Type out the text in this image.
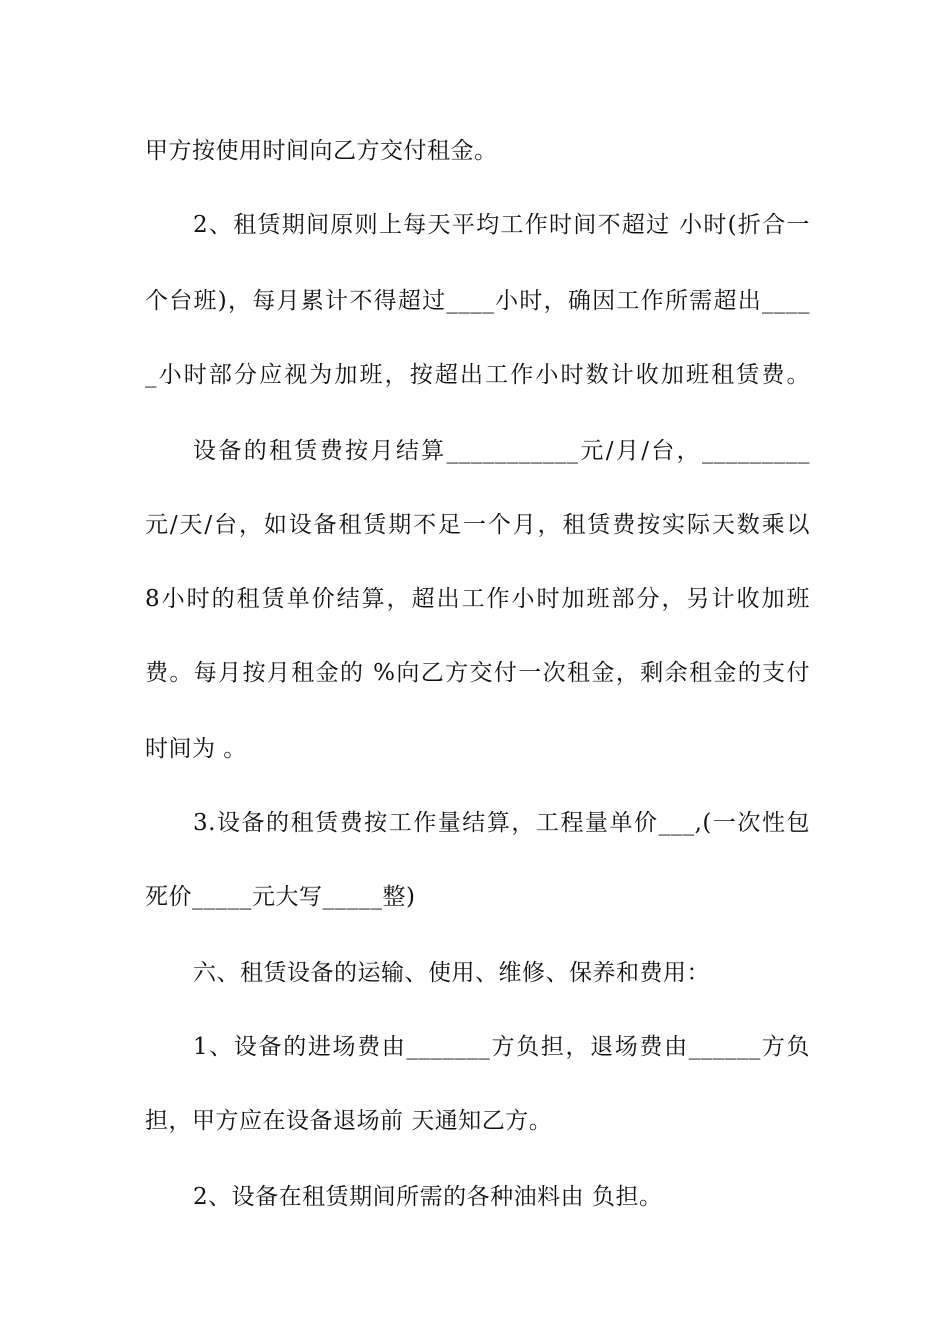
甲方按使用时间向乙方交付租金。
2、租赁期间原则上每天平均工作时间不超过 小时(折合一
个台班)，每月累计不得超过____小时，确因工作所需超出____
_小时部分应视为加班，按超出工作小时数计收加班租赁费。
设备的租赁费按月结算___________元/月/台，_________
元/天/台，如设备租赁期不足一个月，租赁费按实际天数乘以
8小时的租赁单价结算，超出工作小时加班部分，另计收加班
费。每月按月租金的 %向乙方交付一次租金，剩余租金的支付
时间为 。
3.设备的租赁费按工作量结算，工程量单价___,(一次性包
死价_____元大写_____整)
六、租赁设备的运输、使用、维修、保养和费用：
1、设备的进场费由_______方负担，退场费由______方负
担，甲方应在设备退场前 天通知乙方。
2、设备在租赁期间所需的各种油料由 负担。
